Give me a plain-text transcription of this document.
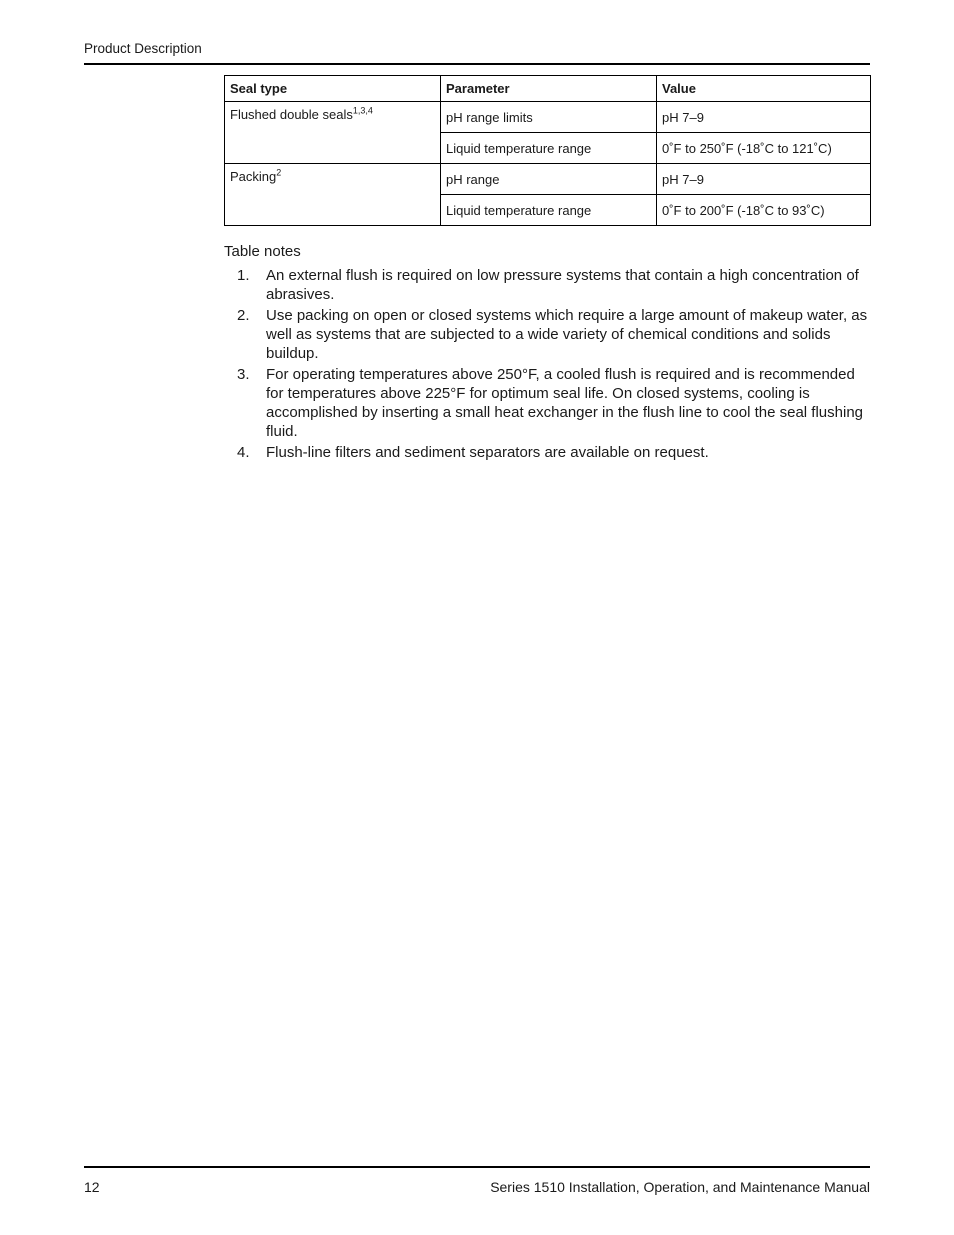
Product Description
Seal type	Parameter	Value
Flushed double seals$^{1,3,4}$	pH range limits	pH 7–9
	Liquid temperature range	0˚F to 250˚F (-18˚C to 121˚C)
Packing$^2$	pH range	pH 7–9
	Liquid temperature range	0˚F to 200˚F (-18˚C to 93˚C)
Table notes
1. An external flush is required on low pressure systems that contain a high concentration of abrasives.
2. Use packing on open or closed systems which require a large amount of makeup water, as well as systems that are subjected to a wide variety of chemical conditions and solids buildup.
3. For operating temperatures above 250°F, a cooled flush is required and is recommended for temperatures above 225°F for optimum seal life. On closed systems, cooling is accomplished by inserting a small heat exchanger in the flush line to cool the seal flushing fluid.
4. Flush-line filters and sediment separators are available on request.
12	Series 1510 Installation, Operation, and Maintenance Manual
